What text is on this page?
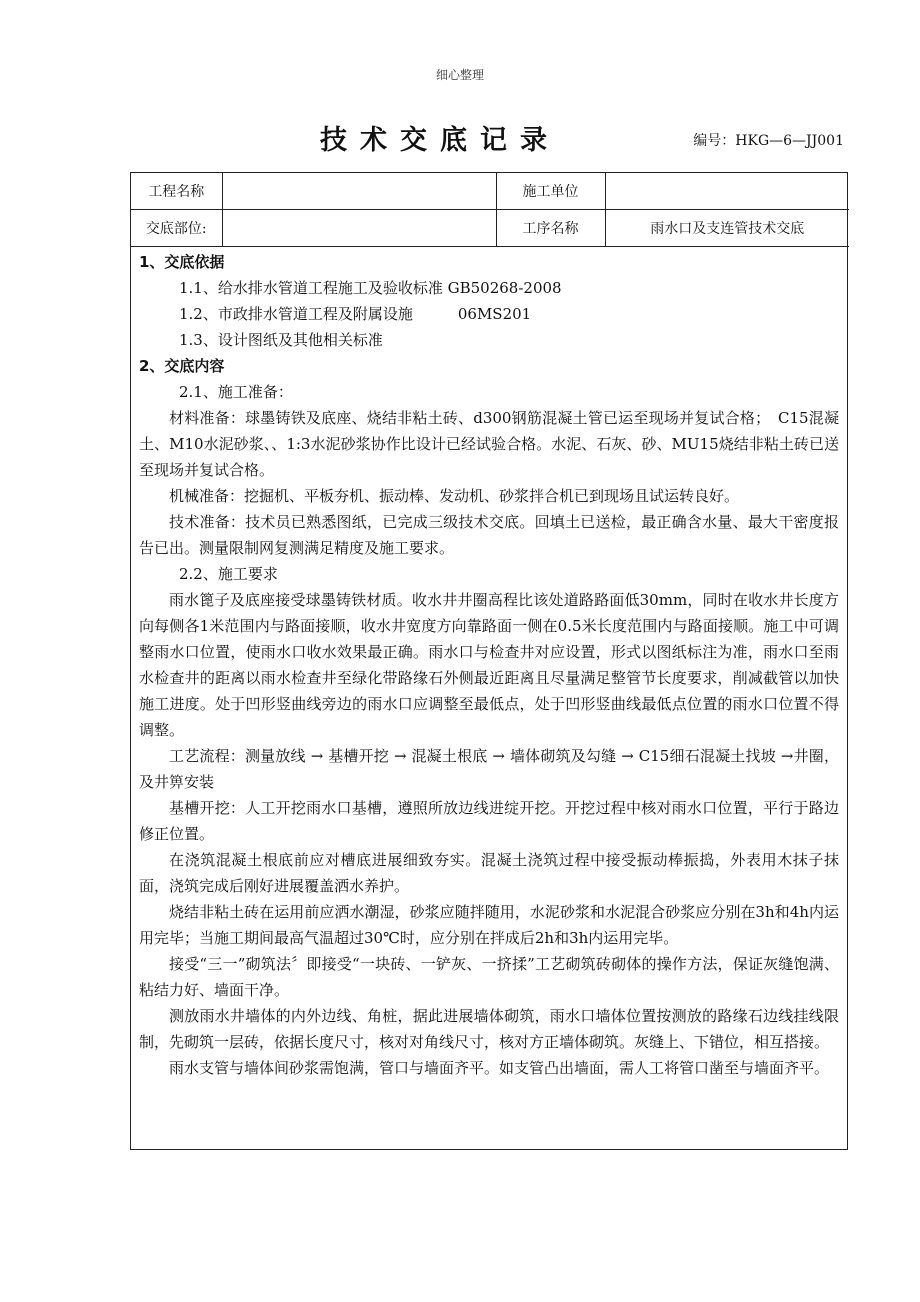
细心整理
技术交底记录	编号：HKG—6—JJ001
工程名称		施工单位	
交底部位:		工序名称	雨水口及支连管技术交底

1、交底依据

1.1、给水排水管道工程施工及验收标准 GB50268-2008

1.2、市政排水管道工程及附属设施　　　06MS201

1.3、设计图纸及其他相关标准

2、交底内容

2.1、施工准备：

材料准备：球墨铸铁及底座、烧结非粘土砖、d300钢筋混凝土管已运至现场并复试合格；　C15混凝土、M10水泥砂浆、、1:3水泥砂浆协作比设计已经试验合格。水泥、石灰、砂、MU15烧结非粘土砖已送至现场并复试合格。

机械准备：挖掘机、平板夯机、振动棒、发动机、砂浆拌合机已到现场且试运转良好。

技术准备：技术员已熟悉图纸，已完成三级技术交底。回填土已送检，最正确含水量、最大干密度报告已出。测量限制网复测满足精度及施工要求。

2.2、施工要求

雨水篦子及底座接受球墨铸铁材质。收水井井圈高程比该处道路路面低30mm，同时在收水井长度方向每侧各1米范围内与路面接顺，收水井宽度方向靠路面一侧在0.5米长度范围内与路面接顺。施工中可调整雨水口位置，使雨水口收水效果最正确。雨水口与检查井对应设置，形式以图纸标注为准，雨水口至雨水检查井的距离以雨水检查井至绿化带路缘石外侧最近距离且尽量满足整管节长度要求，削减截管以加快施工进度。处于凹形竖曲线旁边的雨水口应调整至最低点，处于凹形竖曲线最低点位置的雨水口位置不得调整。

工艺流程：测量放线 → 基槽开挖 → 混凝土根底 → 墙体砌筑及勾缝 → C15细石混凝土找坡 →井圈，及井箅安装

基槽开挖：人工开挖雨水口基槽，遵照所放边线进绽开挖。开挖过程中核对雨水口位置，平行于路边修正位置。

在浇筑混凝土根底前应对槽底进展细致夯实。混凝土浇筑过程中接受振动棒振捣，外表用木抹子抹面，浇筑完成后刚好进展覆盖洒水养护。

烧结非粘土砖在运用前应洒水潮湿，砂浆应随拌随用，水泥砂浆和水泥混合砂浆应分别在3h和4h内运用完毕；当施工期间最高气温超过30℃时，应分别在拌成后2h和3h内运用完毕。

接受“三一”砌筑法〞即接受“一块砖、一铲灰、一挤揉”工艺砌筑砖砌体的操作方法，保证灰缝饱满、粘结力好、墙面干净。

测放雨水井墙体的内外边线、角桩，据此进展墙体砌筑，雨水口墙体位置按测放的路缘石边线挂线限制，先砌筑一层砖，依据长度尺寸，核对对角线尺寸，核对方正墙体砌筑。灰缝上、下错位，相互搭接。

雨水支管与墙体间砂浆需饱满，管口与墙面齐平。如支管凸出墙面，需人工将管口凿至与墙面齐平。
